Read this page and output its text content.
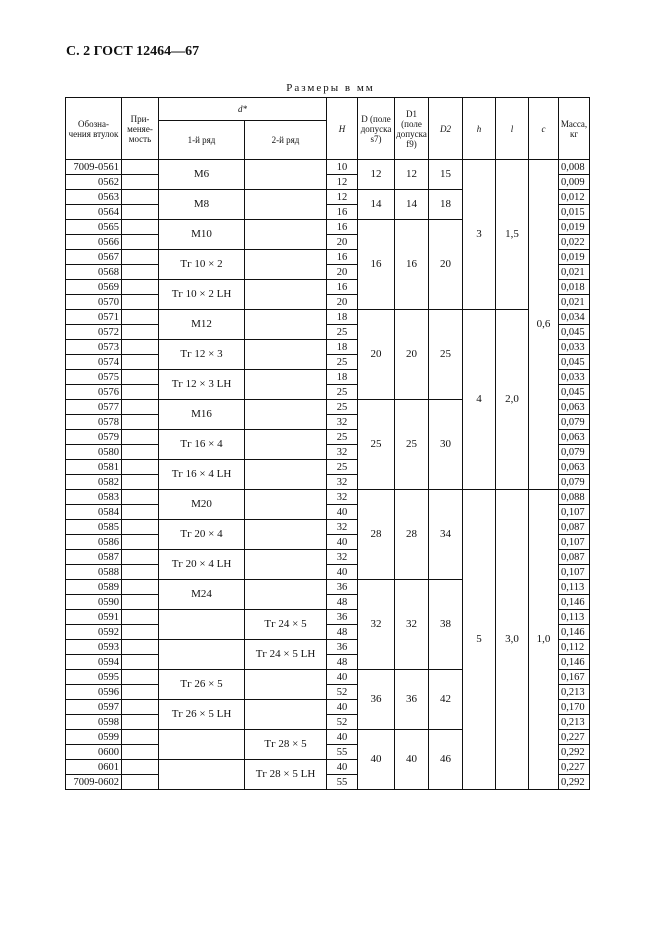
С. 2 ГОСТ 12464—67
Размеры в мм
Обозна- чения втулок	При- меняе- мость	d*		H	D (поле допуска s7)	D1 (поле допуска f9)	D2	h	l	c	Масса, кг
		1-й ряд	2-й ряд								
7009-0561		М6		10	12	12	15	3	1,5	0,6	0,008
0562				12							0,009
0563		М8		12	14	14	18				0,012
0564				16							0,015
0565		М10		16	16	16	20				0,019
0566				20							0,022
0567		Тг 10 × 2		16							0,019
0568				20							0,021
0569		Тг 10 × 2 LH		16							0,018
0570				20							0,021
0571		М12		18	20	20	25	4	2,0		0,034
0572				25							0,045
0573		Тг 12 × 3		18							0,033
0574				25							0,045
0575		Тг 12 × 3 LH		18							0,033
0576				25							0,045
0577		М16		25	25	25	30				0,063
0578				32							0,079
0579		Тг 16 × 4		25							0,063
0580				32							0,079
0581		Тг 16 × 4 LH		25							0,063
0582				32							0,079
0583		М20		32	28	28	34	5	3,0	1,0	0,088
0584				40							0,107
0585		Тг 20 × 4		32							0,087
0586				40							0,107
0587		Тг 20 × 4 LH		32							0,087
0588				40							0,107
0589		М24		36	32	32	38				0,113
0590				48							0,146
0591			Тг 24 × 5	36							0,113
0592				48							0,146
0593			Тг 24 × 5 LH	36							0,112
0594				48							0,146
0595		Тг 26 × 5		40	36	36	42				0,167
0596				52							0,213
0597		Тг 26 × 5 LH		40							0,170
0598				52							0,213
0599			Тг 28 × 5	40	40	40	46				0,227
0600				55							0,292
0601			Тг 28 × 5 LH	40							0,227
7009-0602				55							0,292
